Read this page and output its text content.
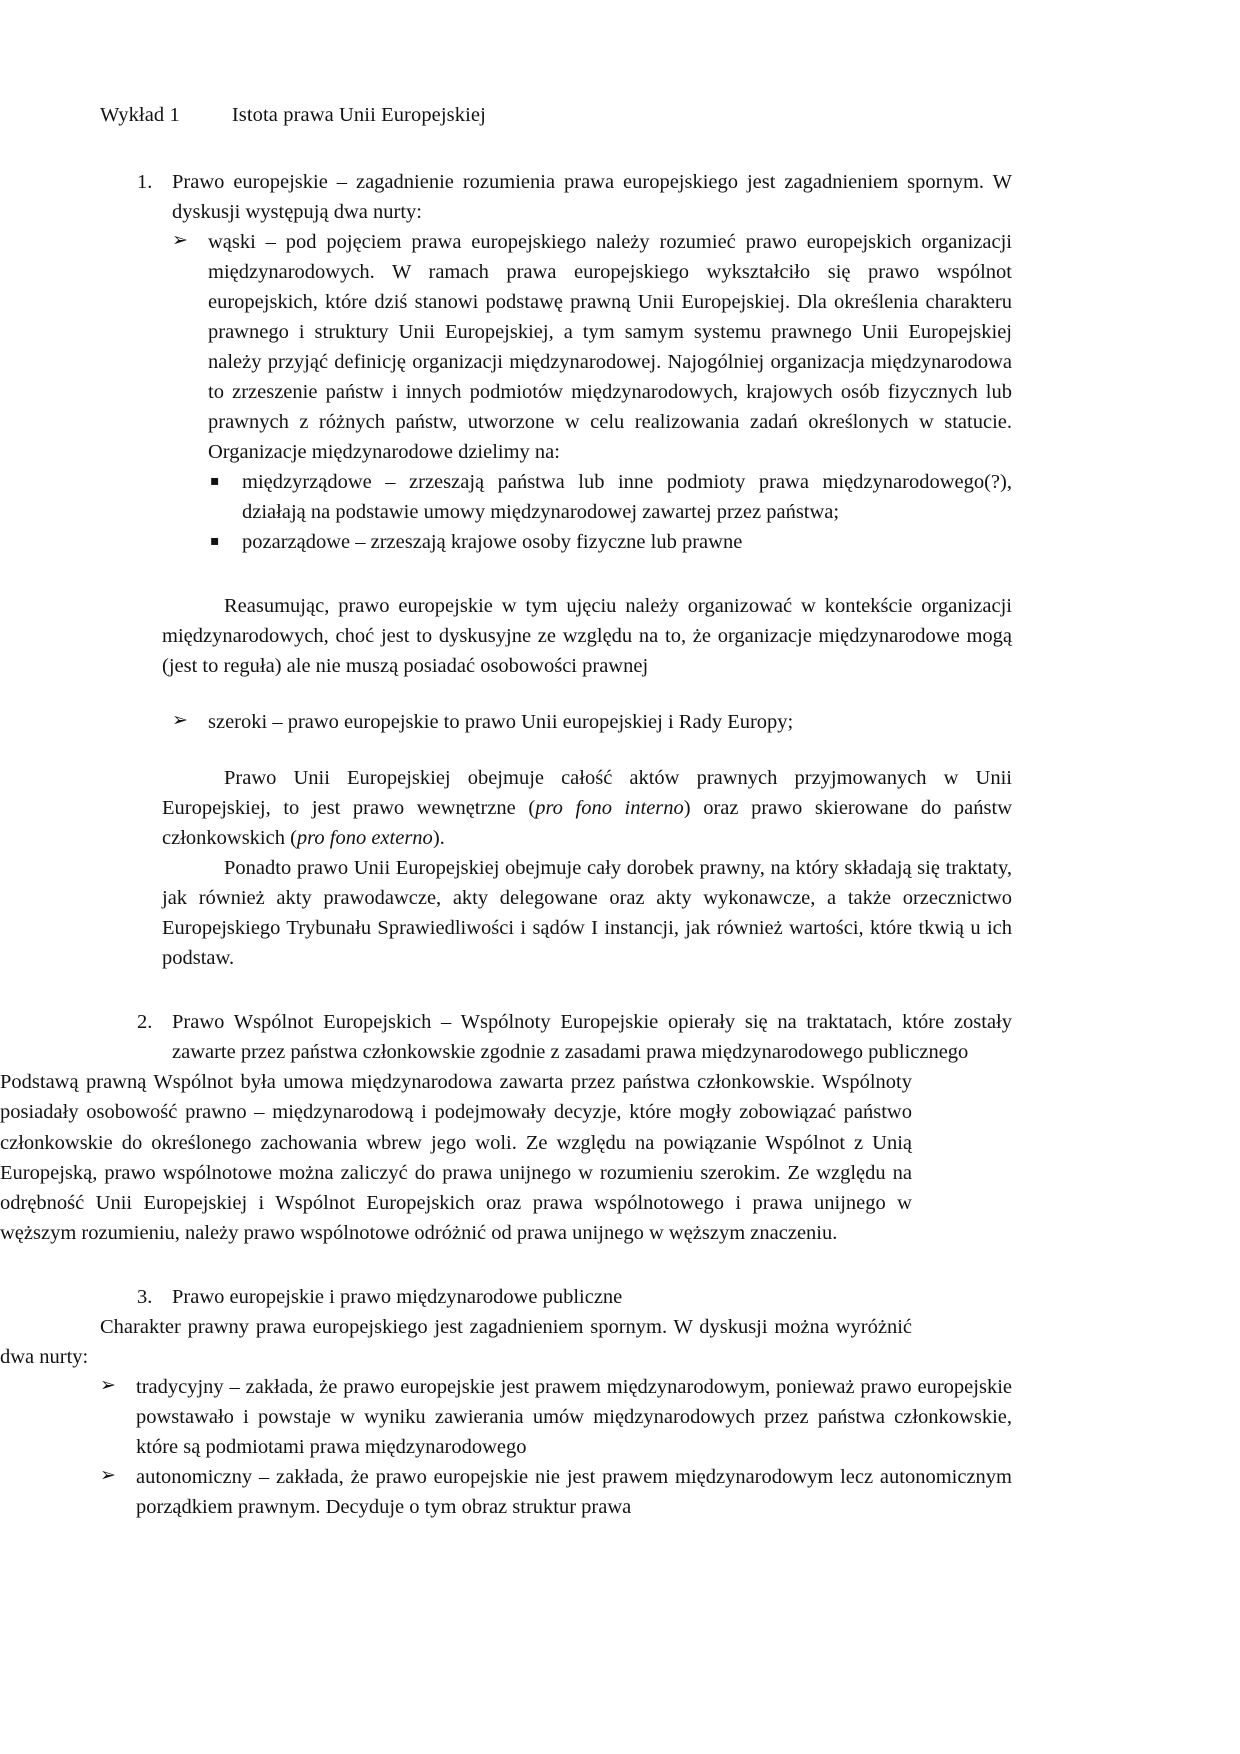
Wykład 1	Istota prawa Unii Europejskiej
1. Prawo europejskie – zagadnienie rozumienia prawa europejskiego jest zagadnieniem spornym. W dyskusji występują dwa nurty:

➢ wąski – pod pojęciem prawa europejskiego należy rozumieć prawo europejskich organizacji międzynarodowych. W ramach prawa europejskiego wykształciło się prawo wspólnot europejskich, które dziś stanowi podstawę prawną Unii Europejskiej. Dla określenia charakteru prawnego i struktury Unii Europejskiej, a tym samym systemu prawnego Unii Europejskiej należy przyjąć definicję organizacji międzynarodowej. Najogólniej organizacja międzynarodowa to zrzeszenie państw i innych podmiotów międzynarodowych, krajowych osób fizycznych lub prawnych z różnych państw, utworzone w celu realizowania zadań określonych w statucie. Organizacje międzynarodowe dzielimy na:

▪ międzyrządowe – zrzeszają państwa lub inne podmioty prawa międzynarodowego(?), działają na podstawie umowy międzynarodowej zawartej przez państwa;

▪ pozarządowe – zrzeszają krajowe osoby fizyczne lub prawne

Reasumując, prawo europejskie w tym ujęciu należy organizować w kontekście organizacji międzynarodowych, choć jest to dyskusyjne ze względu na to, że organizacje międzynarodowe mogą (jest to reguła) ale nie muszą posiadać osobowości prawnej

➢ szeroki – prawo europejskie to prawo Unii europejskiej i Rady Europy;

Prawo Unii Europejskiej obejmuje całość aktów prawnych przyjmowanych w Unii Europejskiej, to jest prawo wewnętrzne (pro fono interno) oraz prawo skierowane do państw członkowskich (pro fono externo).

Ponadto prawo Unii Europejskiej obejmuje cały dorobek prawny, na który składają się traktaty, jak również akty prawodawcze, akty delegowane oraz akty wykonawcze, a także orzecznictwo Europejskiego Trybunału Sprawiedliwości i sądów I instancji, jak również wartości, które tkwią u ich podstaw.

2. Prawo Wspólnot Europejskich – Wspólnoty Europejskie opierały się na traktatach, które zostały zawarte przez państwa członkowskie zgodnie z zasadami prawa międzynarodowego publicznego

Podstawą prawną Wspólnot była umowa międzynarodowa zawarta przez państwa członkowskie. Wspólnoty posiadały osobowość prawno – międzynarodową i podejmowały decyzje, które mogły zobowiązać państwo członkowskie do określonego zachowania wbrew jego woli. Ze względu na powiązanie Wspólnot z Unią Europejską, prawo wspólnotowe można zaliczyć do prawa unijnego w rozumieniu szerokim. Ze względu na odrębność Unii Europejskiej i Wspólnot Europejskich oraz prawa wspólnotowego i prawa unijnego w węższym rozumieniu, należy prawo wspólnotowe odróżnić od prawa unijnego w węższym znaczeniu.

3. Prawo europejskie i prawo międzynarodowe publiczne

Charakter prawny prawa europejskiego jest zagadnieniem spornym. W dyskusji można wyróżnić dwa nurty:

➢ tradycyjny – zakłada, że prawo europejskie jest prawem międzynarodowym, ponieważ prawo europejskie powstawało i powstaje w wyniku zawierania umów międzynarodowych przez państwa członkowskie, które są podmiotami prawa międzynarodowego

➢ autonomiczny – zakłada, że prawo europejskie nie jest prawem międzynarodowym lecz autonomicznym porządkiem prawnym. Decyduje o tym obraz struktur prawa
